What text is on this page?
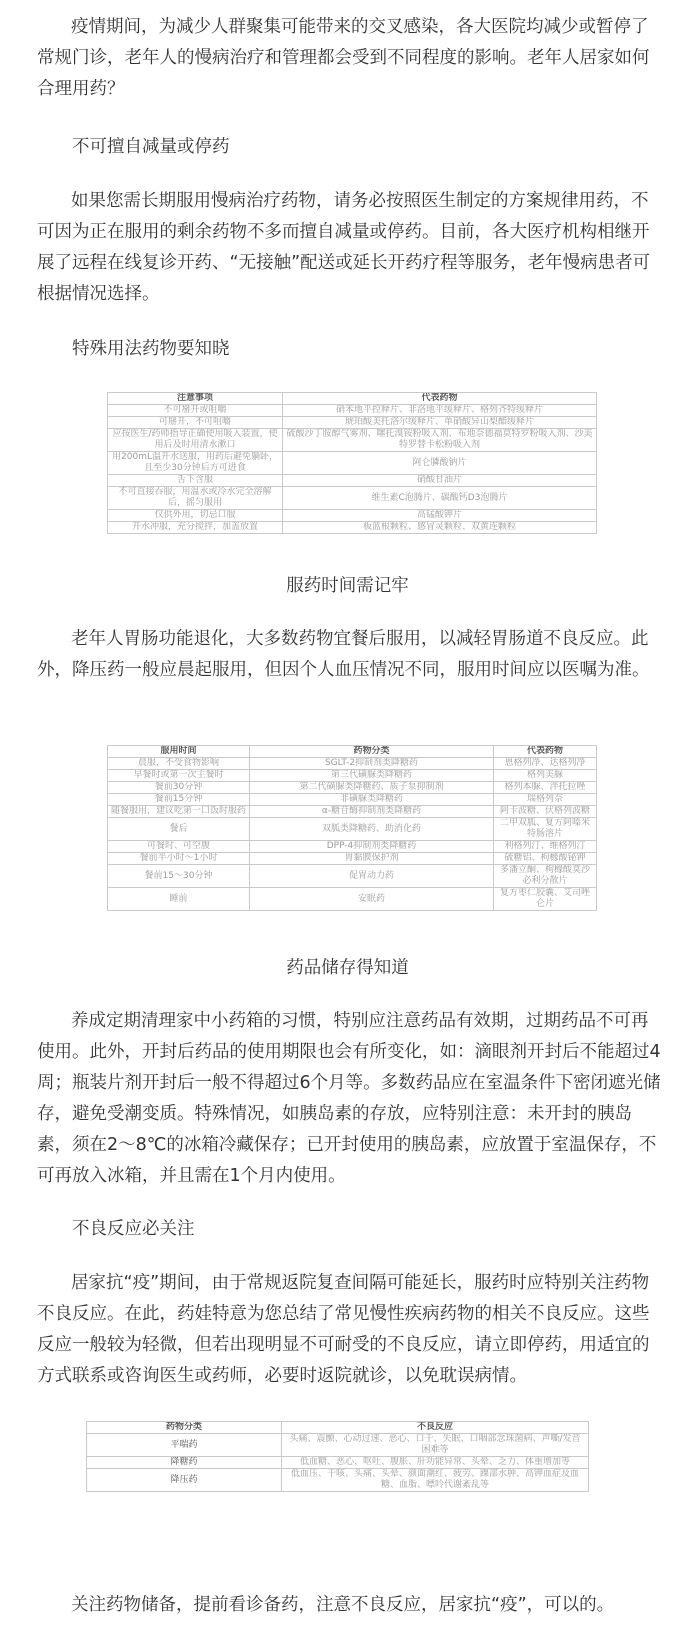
疫情期间，为减少人群聚集可能带来的交叉感染，各大医院均减少或暂停了常规门诊，老年人的慢病治疗和管理都会受到不同程度的影响。老年人居家如何合理用药？

不可擅自减量或停药

如果您需长期服用慢病治疗药物，请务必按照医生制定的方案规律用药，不可因为正在服用的剩余药物不多而擅自减量或停药。目前，各大医疗机构相继开展了远程在线复诊开药、“无接触”配送或延长开药疗程等服务，老年慢病患者可根据情况选择。

特殊用法药物要知晓

注意事项	代表药物
不可掰开或咀嚼	硝苯地平控释片、非洛地平缓释片、格列齐特缓释片
可掰开，不可咀嚼	琥珀酸美托洛尔缓释片、单硝酸异山梨酯缓释片
应按医生/药师指导正确使用吸入装置，使用后及时用清水漱口	硫酸沙丁胺醇气雾剂、噻托溴铵粉吸入剂、布地奈德福莫特罗粉吸入剂、沙美特罗替卡松粉吸入剂
用200mL温开水送服，用药后避免躺卧，且至少30分钟后方可进食	阿仑膦酸钠片
舌下含服	硝酸甘油片
不可直接吞服，用温水或冷水完全溶解后，摇匀服用	维生素C泡腾片、碳酸钙D3泡腾片
仅供外用，切忌口服	高锰酸钾片
开水冲服，充分搅拌，加盖放置	板蓝根颗粒、感冒灵颗粒、双黄连颗粒

服药时间需记牢

老年人胃肠功能退化，大多数药物宜餐后服用，以减轻胃肠道不良反应。此外，降压药一般应晨起服用，但因个人血压情况不同，服用时间应以医嘱为准。

服用时间	药物分类	代表药物
晨服，不受食物影响	SGLT-2抑制剂类降糖药	恩格列净、达格列净
早餐时或第一次主餐时	第三代磺脲类降糖药	格列美脲
餐前30分钟	第二代磺脲类降糖药、质子泵抑制剂	格列本脲、泮托拉唑
餐前15分钟	非磺脲类降糖药	瑞格列奈
随餐服用，建议吃第一口饭时服药	α-糖苷酶抑制剂类降糖药	阿卡波糖、伏格列波糖
餐后	双胍类降糖药、助消化药	二甲双胍、复方阿嗪米特肠溶片
可餐时、可空腹	DPP-4抑制剂类降糖药	利格列汀、维格列汀
餐前半小时～1小时	胃黏膜保护剂	硫糖铝、枸橼酸铋钾
餐前15～30分钟	促胃动力药	多潘立酮、枸橼酸莫沙必利分散片
睡前	安眠药	复方枣仁胶囊、艾司唑仑片

药品储存得知道

养成定期清理家中小药箱的习惯，特别应注意药品有效期，过期药品不可再使用。此外，开封后药品的使用期限也会有所变化，如：滴眼剂开封后不能超过4周；瓶装片剂开封后一般不得超过6个月等。多数药品应在室温条件下密闭遮光储存，避免受潮变质。特殊情况，如胰岛素的存放，应特别注意：未开封的胰岛素，须在2～8℃的冰箱冷藏保存；已开封使用的胰岛素，应放置于室温保存，不可再放入冰箱，并且需在1个月内使用。

不良反应必关注

居家抗“疫”期间，由于常规返院复查间隔可能延长，服药时应特别关注药物不良反应。在此，药娃特意为您总结了常见慢性疾病药物的相关不良反应。这些反应一般较为轻微，但若出现明显不可耐受的不良反应，请立即停药，用适宜的方式联系或咨询医生或药师，必要时返院就诊，以免耽误病情。

药物分类	不良反应
平喘药	头痛、震颤、心动过速、恶心、口干、失眠、口咽部念珠菌病、声嘶/发音困难等
降糖药	低血糖、恶心、呕吐、腹胀、肝功能异常、头晕、乏力、体重增加等
降压药	低血压、干咳、头痛、头晕、颜面潮红、疲劳、踝部水肿、高钾血症及血糖、血脂、嘌呤代谢紊乱等

关注药物储备，提前看诊备药，注意不良反应，居家抗“疫”，可以的。
